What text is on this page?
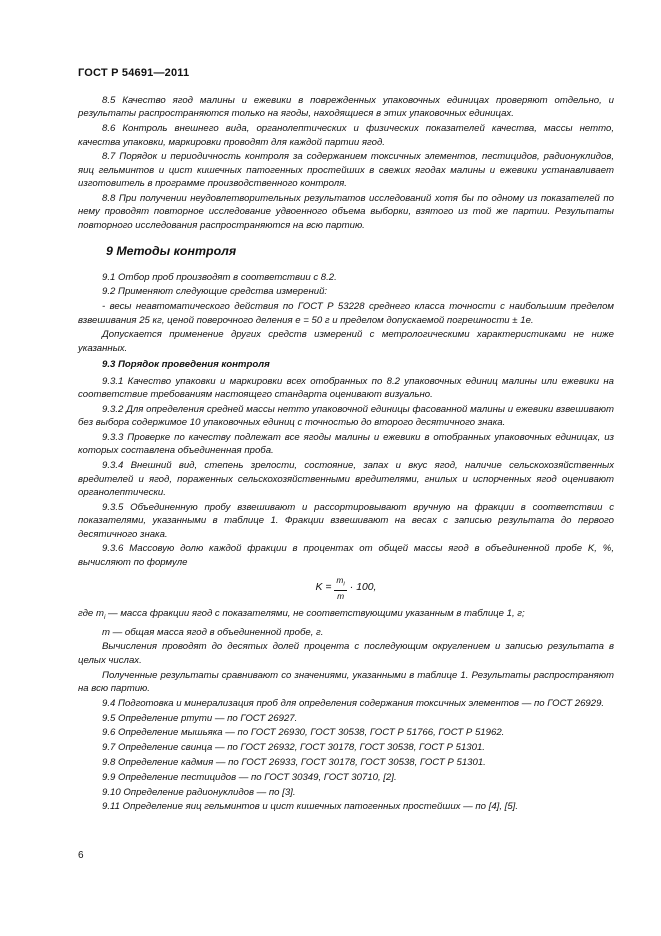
ГОСТ Р 54691—2011

8.5 Качество ягод малины и ежевики в поврежденных упаковочных единицах проверяют отдельно, и результаты распространяются только на ягоды, находящиеся в этих упаковочных единицах.

8.6 Контроль внешнего вида, органолептических и физических показателей качества, массы нетто, качества упаковки, маркировки проводят для каждой партии ягод.

8.7 Порядок и периодичность контроля за содержанием токсичных элементов, пестицидов, радионуклидов, яиц гельминтов и цист кишечных патогенных простейших в свежих ягодах малины и ежевики устанавливает изготовитель в программе производственного контроля.

8.8 При получении неудовлетворительных результатов исследований хотя бы по одному из показателей по нему проводят повторное исследование удвоенного объема выборки, взятого из той же партии. Результаты повторного исследования распространяются на всю партию.

9 Методы контроля

9.1 Отбор проб производят в соответствии с 8.2.

9.2 Применяют следующие средства измерений:

- весы неавтоматического действия по ГОСТ Р 53228 среднего класса точности с наибольшим пределом взвешивания 25 кг, ценой поверочного деления е = 50 г и пределом допускаемой погрешности ± 1е.

Допускается применение других средств измерений с метрологическими характеристиками не ниже указанных.

9.3 Порядок проведения контроля

9.3.1 Качество упаковки и маркировки всех отобранных по 8.2 упаковочных единиц малины или ежевики на соответствие требованиям настоящего стандарта оценивают визуально.

9.3.2 Для определения средней массы нетто упаковочной единицы фасованной малины и ежевики взвешивают без выбора содержимое 10 упаковочных единиц с точностью до второго десятичного знака.

9.3.3 Проверке по качеству подлежат все ягоды малины и ежевики в отобранных упаковочных единицах, из которых составлена объединенная проба.

9.3.4 Внешний вид, степень зрелости, состояние, запах и вкус ягод, наличие сельскохозяйственных вредителей и ягод, пораженных сельскохозяйственными вредителями, гнилых и испорченных ягод оценивают органолептически.

9.3.5 Объединенную пробу взвешивают и рассортировывают вручную на фракции в соответствии с показателями, указанными в таблице 1. Фракции взвешивают на весах с записью результата до первого десятичного знака.

9.3.6 Массовую долю каждой фракции в процентах от общей массы ягод в объединенной пробе K, %, вычисляют по формуле

$K = \frac{m_i}{m} \cdot 100$,

где $m_i$ — масса фракции ягод с показателями, не соответствующими указанным в таблице 1, г;

m — общая масса ягод в объединенной пробе, г.

Вычисления проводят до десятых долей процента с последующим округлением и записью результата в целых числах.

Полученные результаты сравнивают со значениями, указанными в таблице 1. Результаты распространяют на всю партию.

9.4 Подготовка и минерализация проб для определения содержания токсичных элементов — по ГОСТ 26929.

9.5 Определение ртути — по ГОСТ 26927.

9.6 Определение мышьяка — по ГОСТ 26930, ГОСТ 30538, ГОСТ Р 51766, ГОСТ Р 51962.

9.7 Определение свинца — по ГОСТ 26932, ГОСТ 30178, ГОСТ 30538, ГОСТ Р 51301.

9.8 Определение кадмия — по ГОСТ 26933, ГОСТ 30178, ГОСТ 30538, ГОСТ Р 51301.

9.9 Определение пестицидов — по ГОСТ 30349, ГОСТ 30710, [2].

9.10 Определение радионуклидов — по [3].

9.11 Определение яиц гельминтов и цист кишечных патогенных простейших — по [4], [5].

6
